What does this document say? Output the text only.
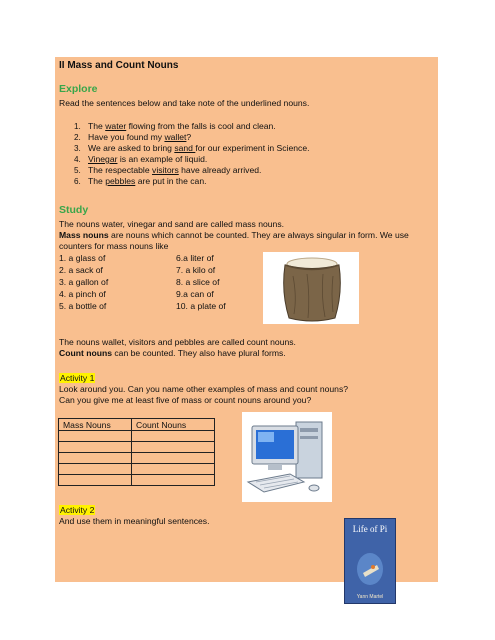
II Mass and Count Nouns
Explore
Read the sentences below and take note of the underlined nouns.
1. The water flowing from the falls is cool and clean.
2. Have you found my wallet?
3. We are asked to bring sand for our experiment in Science.
4. Vinegar is an example of liquid.
5. The respectable visitors have already arrived.
6. The pebbles are put in the can.
Study
The nouns water, vinegar and sand are called mass nouns.
Mass nouns are nouns which cannot be counted. They are always singular in form. We use
counters for mass nouns like
1. a glass of	6.a liter of
2. a sack of	7. a kilo of
3. a gallon of	8. a slice of
4. a pinch of	9.a can of
5. a bottle of	10. a plate of
The nouns wallet, visitors and pebbles are called count nouns.
Count nouns can be counted. They also have plural forms.
Activity 1
Look around you. Can you name other examples of mass and count nouns?
Can you give me at least five of mass or count nouns around you?
Mass Nouns	Count Nouns

Activity 2
And use them in meaningful sentences.
Life of Pi
Yann Martel
